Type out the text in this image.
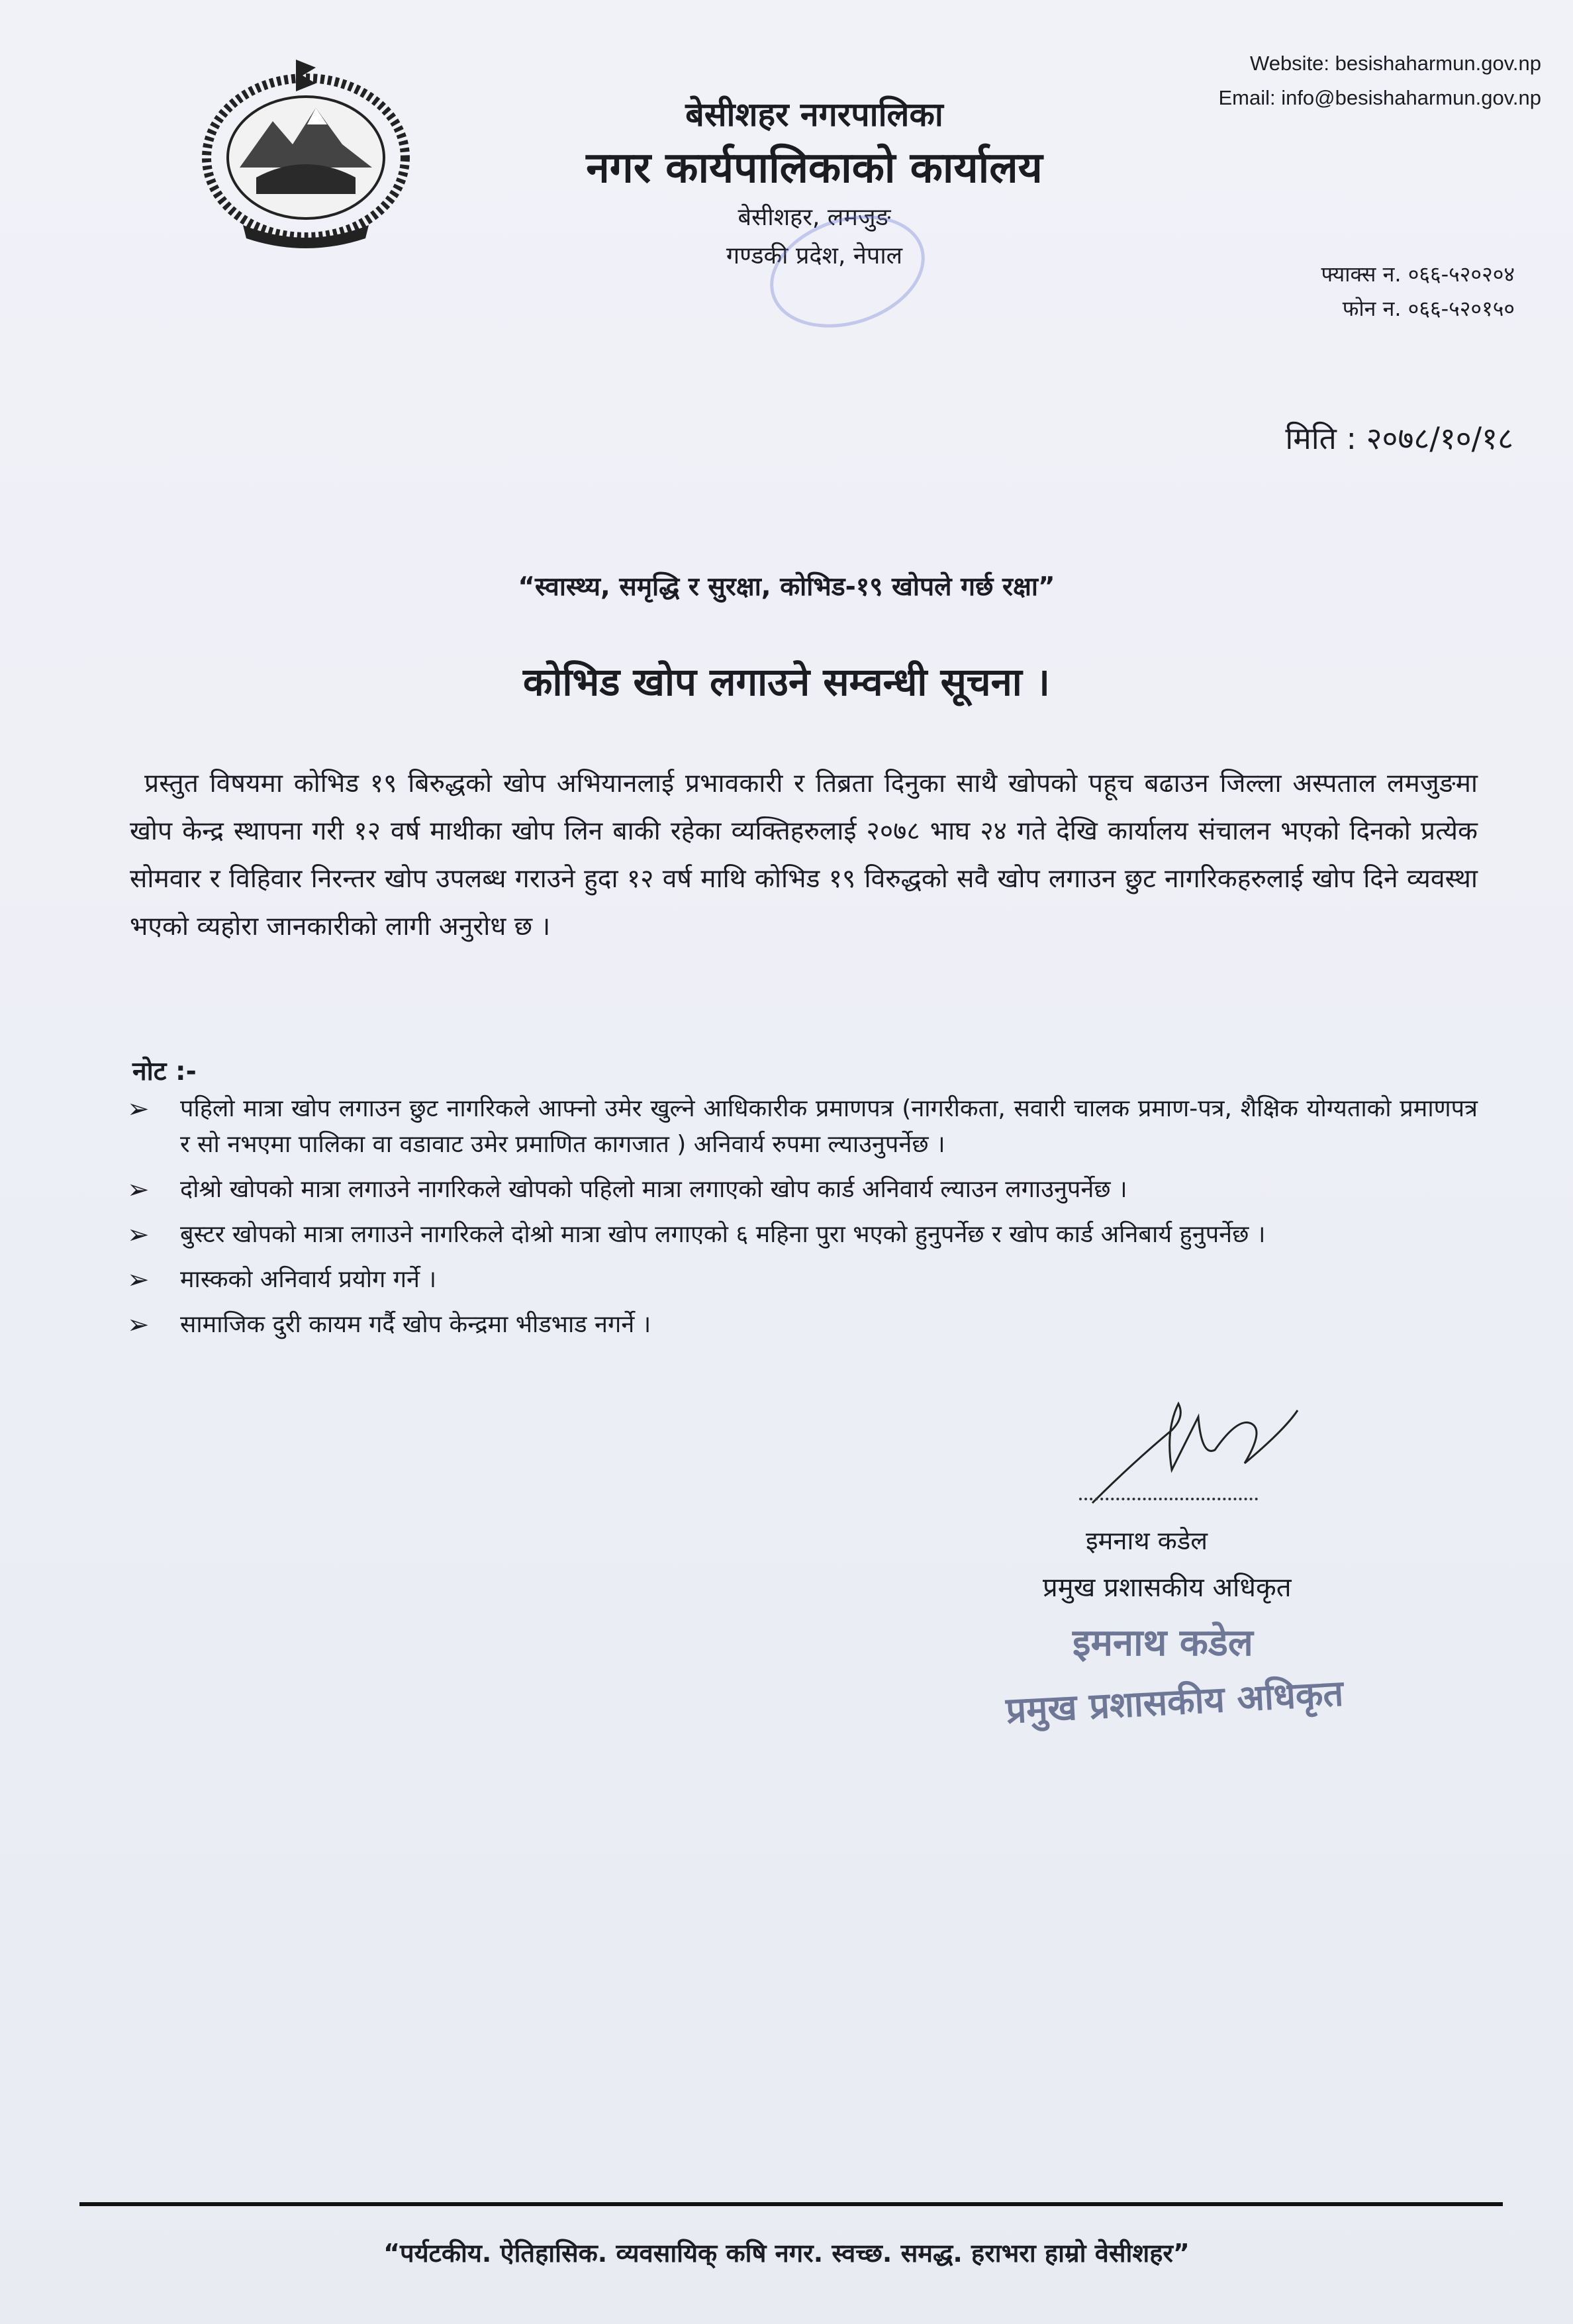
Website: besishaharmun.gov.np
Email: info@besishaharmun.gov.np
बेसीशहर नगरपालिका
नगर कार्यपालिकाको कार्यालय
बेसीशहर, लमजुङ
गण्डकी प्रदेश, नेपाल
फ्याक्स न. ०६६-५२०२०४
फोन न. ०६६-५२०१५०
मिति : २०७८/१०/१८
“स्वास्थ्य, समृद्धि र सुरक्षा, कोभिड-१९ खोपले गर्छ रक्षा”
कोभिड खोप लगाउने सम्वन्धी सूचना ।
प्रस्तुत विषयमा कोभिड १९ बिरुद्धको खोप अभियानलाई प्रभावकारी र तिब्रता दिनुका साथै खोपको पहूच बढाउन जिल्ला अस्पताल लमजुङमा खोप केन्द्र स्थापना गरी १२ वर्ष माथीका खोप लिन बाकी रहेका व्यक्तिहरुलाई २०७८ भाघ २४ गते देखि कार्यालय संचालन भएको दिनको प्रत्येक सोमवार र विहिवार निरन्तर खोप उपलब्ध गराउने हुदा १२ वर्ष माथि कोभिड १९ विरुद्धको सवै खोप लगाउन छुट नागरिकहरुलाई खोप दिने व्यवस्था भएको व्यहोरा जानकारीको लागी अनुरोध छ ।
नोट :-
➢ पहिलो मात्रा खोप लगाउन छुट नागरिकले आफ्नो उमेर खुल्ने आधिकारीक प्रमाणपत्र (नागरीकता, सवारी चालक प्रमाण-पत्र, शैक्षिक योग्यताको प्रमाणपत्र र सो नभएमा पालिका वा वडावाट उमेर प्रमाणित कागजात ) अनिवार्य रुपमा ल्याउनुपर्नेछ ।
➢ दोश्रो खोपको मात्रा लगाउने नागरिकले खोपको पहिलो मात्रा लगाएको खोप कार्ड अनिवार्य ल्याउन लगाउनुपर्नेछ ।
➢ बुस्टर खोपको मात्रा लगाउने नागरिकले दोश्रो मात्रा खोप लगाएको ६ महिना पुरा भएको हुनुपर्नेछ र खोप कार्ड अनिबार्य हुनुपर्नेछ ।
➢ मास्कको अनिवार्य प्रयोग गर्ने ।
➢ सामाजिक दुरी कायम गर्दै खोप केन्द्रमा भीडभाड नगर्ने ।
इमनाथ कडेल
प्रमुख प्रशासकीय अधिकृत
इमनाथ कडेल
प्रमुख प्रशासकीय अधिकृत
“पर्यटकीय. ऐतिहासिक. व्यवसायिक् कषि नगर. स्वच्छ. समद्ध. हराभरा हाम्रो वेसीशहर”
